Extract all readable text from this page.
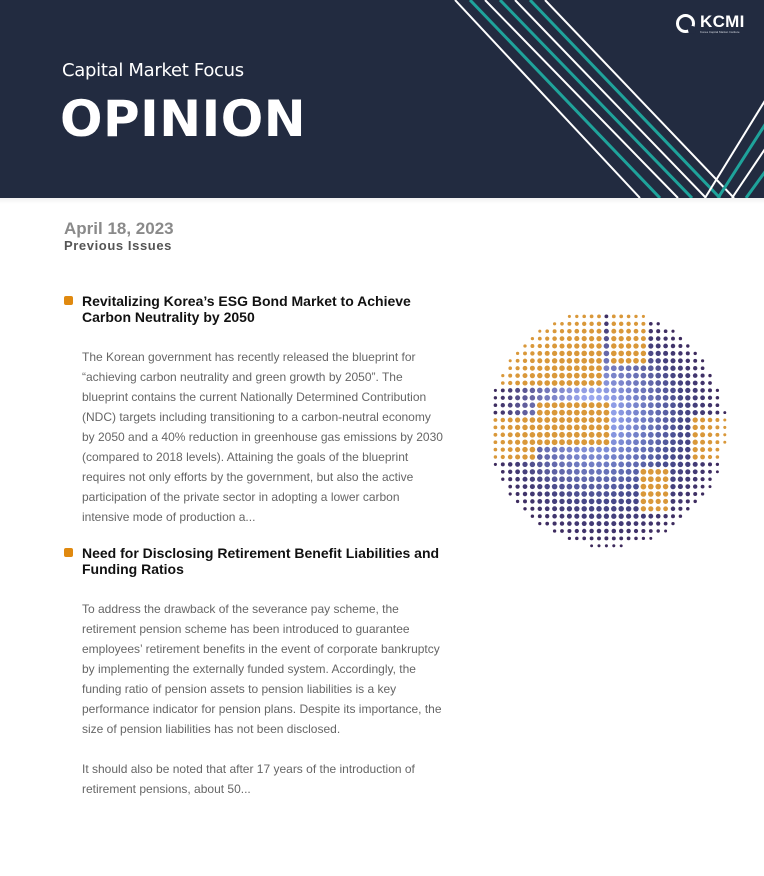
Capital Market Focus
OPINION
KCMI
Korea Capital Market Institute
April 18, 2023
Previous Issues
Revitalizing Korea’s ESG Bond Market to Achieve Carbon Neutrality by 2050
The Korean government has recently released the blueprint for “achieving carbon neutrality and green growth by 2050”. The blueprint contains the current Nationally Determined Contribution (NDC) targets including transitioning to a carbon-neutral economy by 2050 and a 40% reduction in greenhouse gas emissions by 2030 (compared to 2018 levels). Attaining the goals of the blueprint requires not only efforts by the government, but also the active participation of the private sector in adopting a lower carbon intensive mode of production a...
Need for Disclosing Retirement Benefit Liabilities and Funding Ratios
To address the drawback of the severance pay scheme, the retirement pension scheme has been introduced to guarantee employees’ retirement benefits in the event of corporate bankruptcy by implementing the externally funded system. Accordingly, the funding ratio of pension assets to pension liabilities is a key performance indicator for pension plans. Despite its importance, the size of pension liabilities has not been disclosed.

It should also be noted that after 17 years of the introduction of retirement pensions, about 50...
